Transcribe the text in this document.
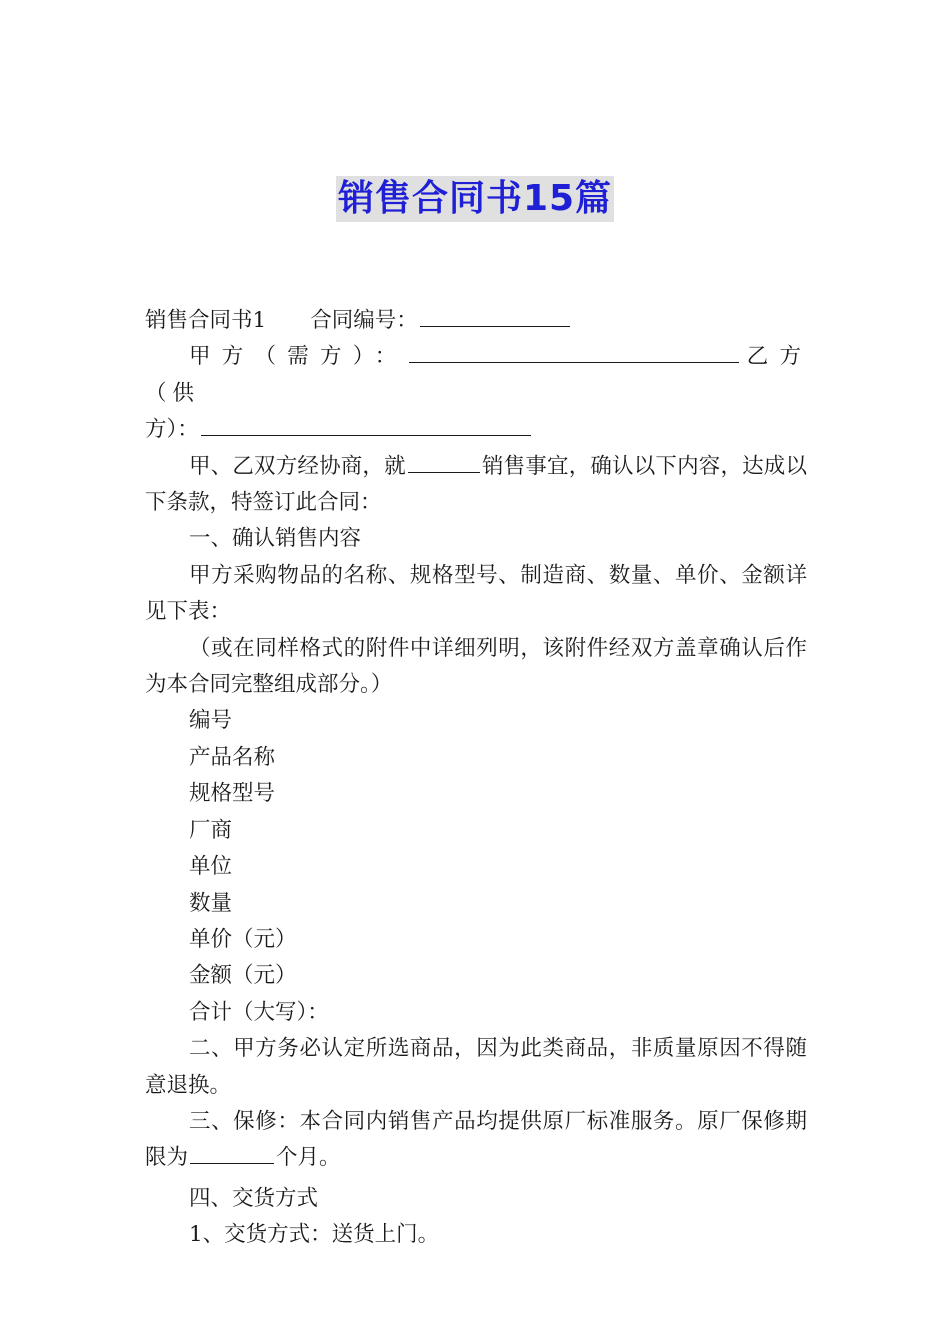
销售合同书15篇

销售合同书1 合同编号：

甲方（需方）：	乙方（供
方）：

甲、乙双方经协商，就	销售事宜，确认以下内容，达成以下条款，特签订此合同：

一、确认销售内容

甲方采购物品的名称、规格型号、制造商、数量、单价、金额详见下表：

（或在同样格式的附件中详细列明，该附件经双方盖章确认后作为本合同完整组成部分。）

编号

产品名称

规格型号

厂商

单位

数量

单价（元）

金额（元）

合计（大写）：

二、甲方务必认定所选商品，因为此类商品，非质量原因不得随意退换。

三、保修：本合同内销售产品均提供原厂标准服务。原厂保修期限为	个月。

四、交货方式

1、交货方式：送货上门。
